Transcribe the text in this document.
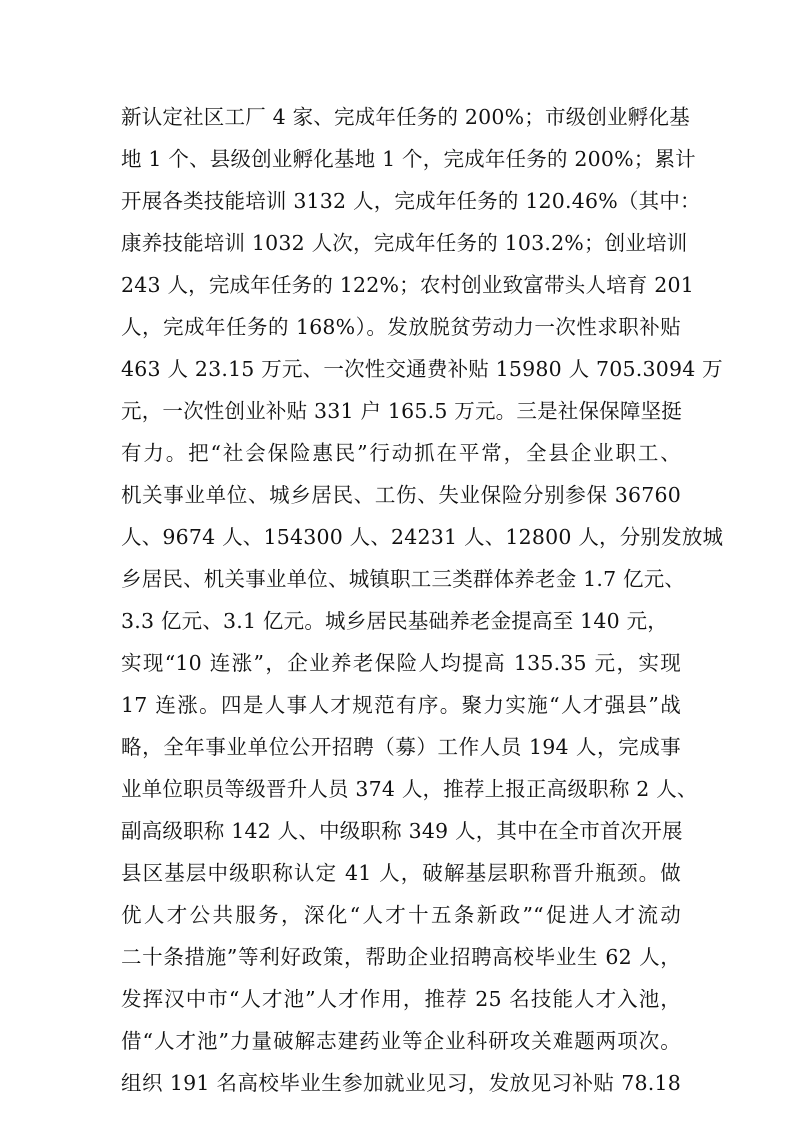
新认定社区工厂 4 家、完成年任务的 200%；市级创业孵化基
地 1 个、县级创业孵化基地 1 个，完成年任务的 200%；累计
开展各类技能培训 3132 人，完成年任务的 120.46%（其中：
康养技能培训 1032 人次，完成年任务的 103.2%；创业培训
243 人，完成年任务的 122%；农村创业致富带头人培育 201
人，完成年任务的 168%）。发放脱贫劳动力一次性求职补贴
463 人 23.15 万元、一次性交通费补贴 15980 人 705.3094 万
元，一次性创业补贴 331 户 165.5 万元。三是社保保障坚挺
有力。把“社会保险惠民”行动抓在平常，全县企业职工、
机关事业单位、城乡居民、工伤、失业保险分别参保 36760
人、9674 人、154300 人、24231 人、12800 人，分别发放城
乡居民、机关事业单位、城镇职工三类群体养老金 1.7 亿元、
3.3 亿元、3.1 亿元。城乡居民基础养老金提高至 140 元，
实现“10 连涨”，企业养老保险人均提高 135.35 元，实现
17 连涨。四是人事人才规范有序。聚力实施“人才强县”战
略，全年事业单位公开招聘（募）工作人员 194 人，完成事
业单位职员等级晋升人员 374 人，推荐上报正高级职称 2 人、
副高级职称 142 人、中级职称 349 人，其中在全市首次开展
县区基层中级职称认定 41 人，破解基层职称晋升瓶颈。做
优人才公共服务，深化“人才十五条新政”“促进人才流动
二十条措施”等利好政策，帮助企业招聘高校毕业生 62 人，
发挥汉中市“人才池”人才作用，推荐 25 名技能人才入池，
借“人才池”力量破解志建药业等企业科研攻关难题两项次。
组织 191 名高校毕业生参加就业见习，发放见习补贴 78.18
